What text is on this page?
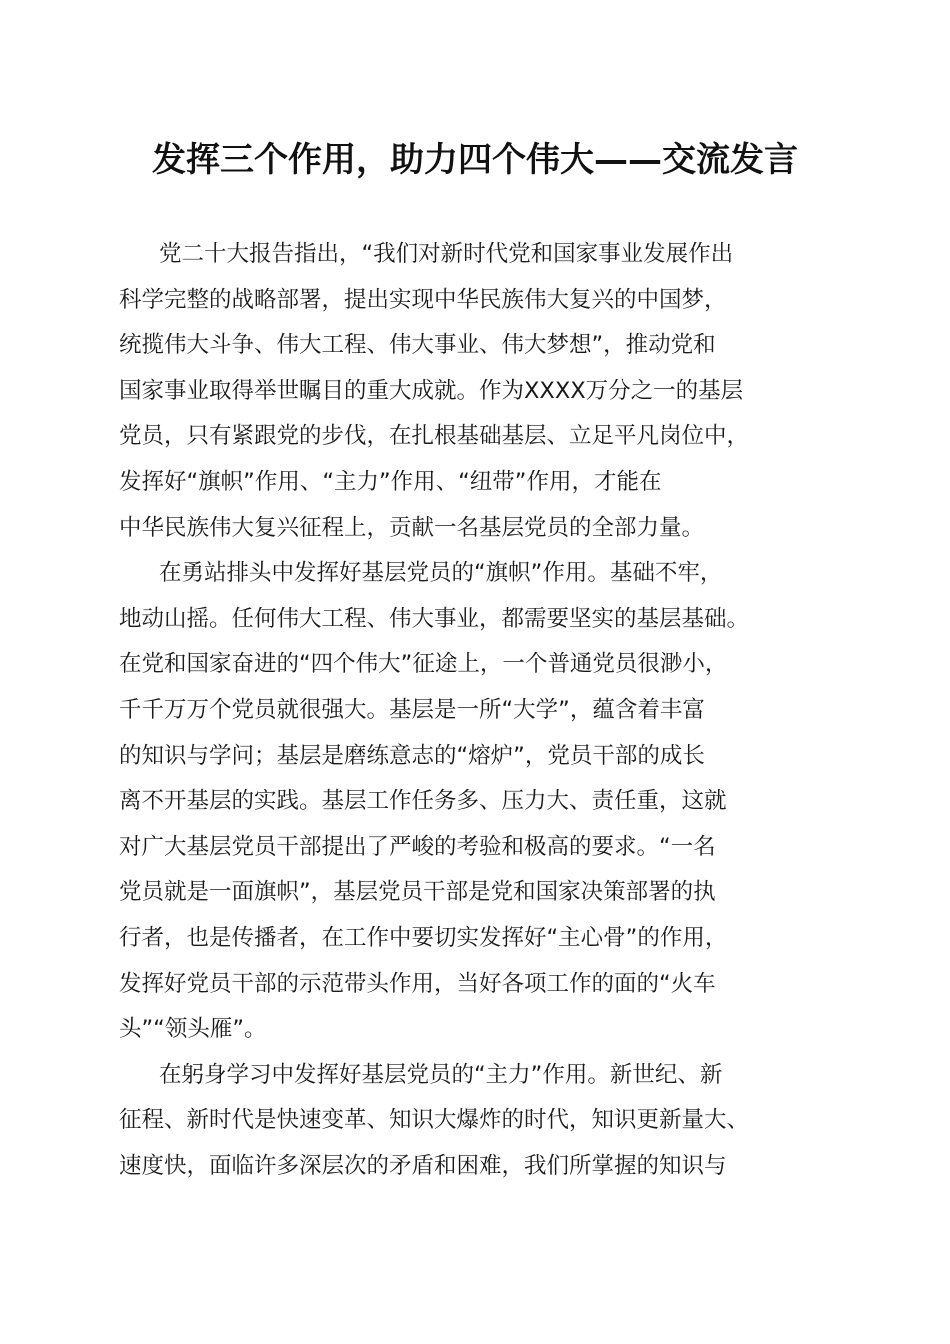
发挥三个作用，助力四个伟大——交流发言
党二十大报告指出，“我们对新时代党和国家事业发展作出
科学完整的战略部署，提出实现中华民族伟大复兴的中国梦，
统揽伟大斗争、伟大工程、伟大事业、伟大梦想”，推动党和
国家事业取得举世瞩目的重大成就。作为XXXX万分之一的基层
党员，只有紧跟党的步伐，在扎根基础基层、立足平凡岗位中，
发挥好“旗帜”作用、“主力”作用、“纽带”作用，才能在
中华民族伟大复兴征程上，贡献一名基层党员的全部力量。
在勇站排头中发挥好基层党员的“旗帜”作用。基础不牢，
地动山摇。任何伟大工程、伟大事业，都需要坚实的基层基础。
在党和国家奋进的“四个伟大”征途上，一个普通党员很渺小，
千千万万个党员就很强大。基层是一所“大学”，蕴含着丰富
的知识与学问；基层是磨练意志的“熔炉”，党员干部的成长
离不开基层的实践。基层工作任务多、压力大、责任重，这就
对广大基层党员干部提出了严峻的考验和极高的要求。“一名
党员就是一面旗帜”，基层党员干部是党和国家决策部署的执
行者，也是传播者，在工作中要切实发挥好“主心骨”的作用，
发挥好党员干部的示范带头作用，当好各项工作的面的“火车
头”“领头雁”。
在躬身学习中发挥好基层党员的“主力”作用。新世纪、新
征程、新时代是快速变革、知识大爆炸的时代，知识更新量大、
速度快，面临许多深层次的矛盾和困难，我们所掌握的知识与
